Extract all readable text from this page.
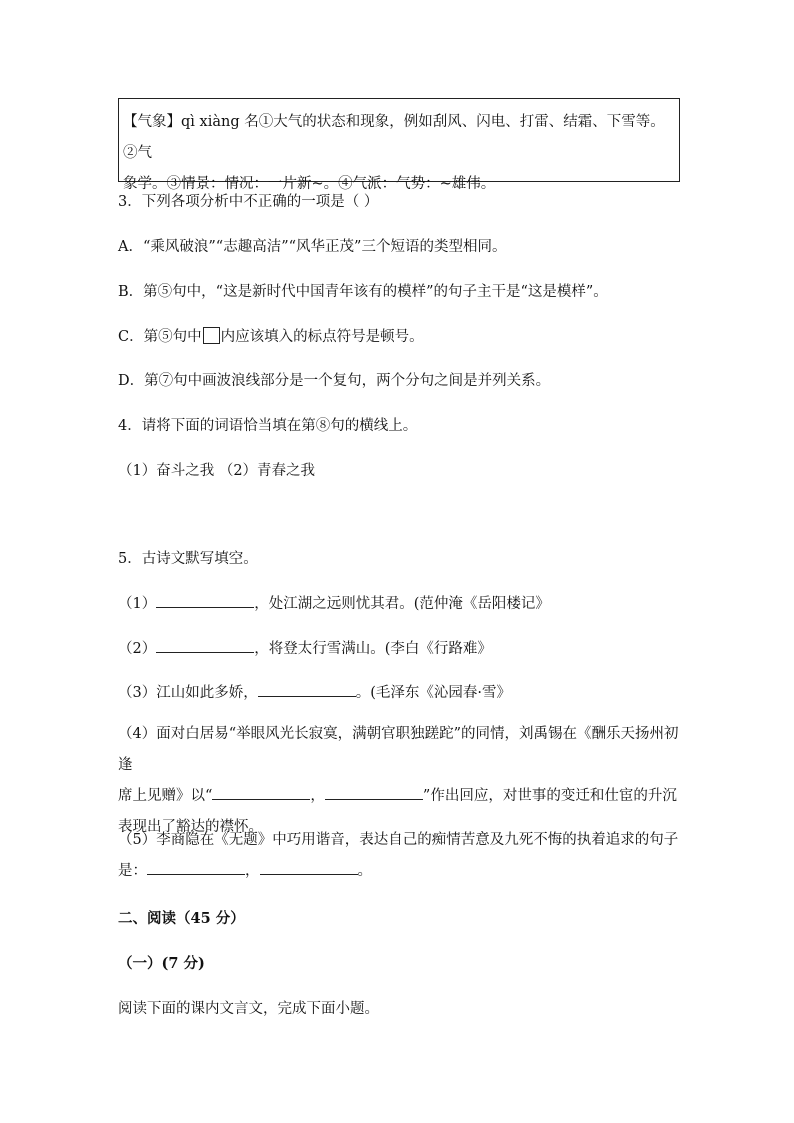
【气象】qì xiàng 名①大气的状态和现象，例如刮风、闪电、打雷、结霜、下雪等。②气
象学。③情景：情况：一片新~。④气派：气势：~雄伟。
3．下列各项分析中不正确的一项是（ ）
A．“乘风破浪”“志趣高洁”“风华正茂”三个短语的类型相同。
B．第⑤句中，“这是新时代中国青年该有的模样”的句子主干是“这是模样”。
C．第⑤句中 内应该填入的标点符号是顿号。
D．第⑦句中画波浪线部分是一个复句，两个分句之间是并列关系。
4．请将下面的词语恰当填在第⑧句的横线上。
（1）奋斗之我 （2）青春之我
5．古诗文默写填空。
（1）	，处江湖之远则忧其君。(范仲淹《岳阳楼记》
（2）	，将登太行雪满山。(李白《行路难》
（3）江山如此多娇，	。(毛泽东《沁园春·雪》
（4）面对白居易“举眼风光长寂寞，满朝官职独蹉跎”的同情，刘禹锡在《酬乐天扬州初逢
席上见赠》以“	，	”作出回应，对世事的变迁和仕宦的升沉
表现出了豁达的襟怀。
（5）李商隐在《无题》中巧用谐音，表达自己的痴情苦意及九死不悔的执着追求的句子
是：	，	。
二、阅读（45 分）
（一）(7 分)
阅读下面的课内文言文，完成下面小题。
